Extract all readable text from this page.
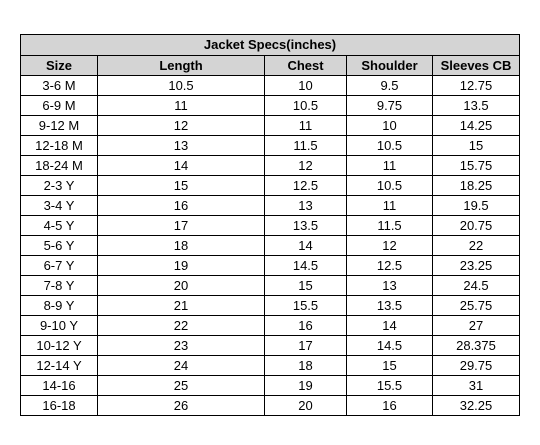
Jacket Specs(inches)				
Size	Length	Chest	Shoulder	Sleeves CB
3-6 M	10.5	10	9.5	12.75
6-9 M	11	10.5	9.75	13.5
9-12 M	12	11	10	14.25
12-18 M	13	11.5	10.5	15
18-24 M	14	12	11	15.75
2-3 Y	15	12.5	10.5	18.25
3-4 Y	16	13	11	19.5
4-5 Y	17	13.5	11.5	20.75
5-6 Y	18	14	12	22
6-7 Y	19	14.5	12.5	23.25
7-8 Y	20	15	13	24.5
8-9 Y	21	15.5	13.5	25.75
9-10 Y	22	16	14	27
10-12 Y	23	17	14.5	28.375
12-14 Y	24	18	15	29.75
14-16	25	19	15.5	31
16-18	26	20	16	32.25
